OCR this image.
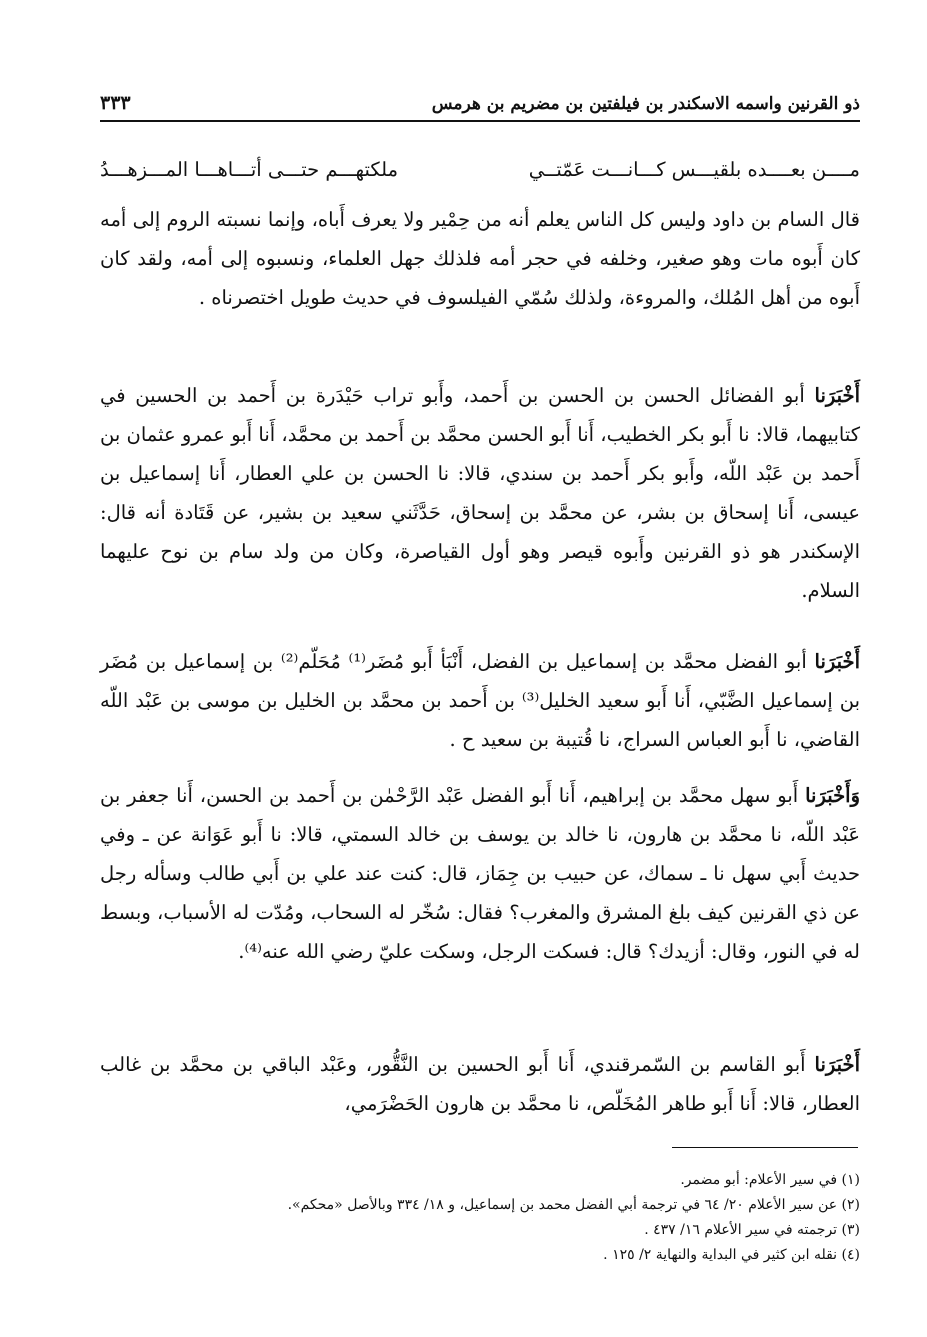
ذو القرنين واسمه الاسكندر بن فيلفتين بن مضريم بن هرمس
٣٣٣
مــــن بعــــده بلقيـــس كـــانـــت عَمّتــي
ملكتهـــم حتـــى أتـــاهـــا المـــزهـــدُ

قال السام بن داود وليس كل الناس يعلم أنه من حِمْير ولا يعرف أَباه، وإنما نسبته الروم إلى أمه كان أَبوه مات وهو صغير، وخلفه في حجر أمه فلذلك جهل العلماء، ونسبوه إلى أمه، ولقد كان أَبوه من أهل المُلك، والمروءة، ولذلك سُمّي الفيلسوف في حديث طويل اختصرناه .

أَخْبَرَنا أبو الفضائل الحسن بن الحسن بن أَحمد، وأَبو تراب حَيْدَرة بن أَحمد بن الحسين في كتابيهما، قالا: نا أَبو بكر الخطيب، أَنا أَبو الحسن محمَّد بن أَحمد بن محمَّد، أَنا أَبو عمرو عثمان بن أَحمد بن عَبْد اللّه، وأَبو بكر أَحمد بن سندي، قالا: نا الحسن بن علي العطار، أَنا إسماعيل بن عيسى، أَنا إسحاق بن بشر، عن محمَّد بن إسحاق، حَدَّثَني سعيد بن بشير، عن قَتَادة أنه قال: الإسكندر هو ذو القرنين وأَبوه قيصر وهو أول القياصرة، وكان من ولد سام بن نوح عليهما السلام.

أَخْبَرَنا أبو الفضل محمَّد بن إسماعيل بن الفضل، أَنْبَأ أَبو مُضَر⁽¹⁾ مُحَلّم⁽²⁾ بن إسماعيل بن مُضَر بن إسماعيل الضَّبّي، أَنا أَبو سعيد الخليل⁽³⁾ بن أَحمد بن محمَّد بن الخليل بن موسى بن عَبْد اللّه القاضي، نا أَبو العباس السراج، نا قُتيبة بن سعيد ح .

وَأَخْبَرَنا أَبو سهل محمَّد بن إبراهيم، أَنا أَبو الفضل عَبْد الرَّحْمٰن بن أَحمد بن الحسن، أَنا جعفر بن عَبْد اللّه، نا محمَّد بن هارون، نا خالد بن يوسف بن خالد السمتي، قالا: نا أَبو عَوَانة عن ـ وفي حديث أَبي سهل نا ـ سماك، عن حبيب بن جِمَاز، قال: كنت عند علي بن أَبي طالب وسأله رجل عن ذي القرنين كيف بلغ المشرق والمغرب؟ فقال: سُخّر له السحاب، ومُدّت له الأسباب، وبسط له في النور، وقال: أزيدك؟ قال: فسكت الرجل، وسكت عليّ رضي الله عنه⁽⁴⁾.

أَخْبَرَنا أَبو القاسم بن السّمرقندي، أَنا أَبو الحسين بن النَّقُّور، وعَبْد الباقي بن محمَّد بن غالب العطار، قالا: أَنا أَبو طاهر المُخَلّص، نا محمَّد بن هارون الحَضْرَمي،

(١) في سير الأعلام: أبو مضمر.
(٢) عن سير الأعلام ٢٠/ ٦٤ في ترجمة أبي الفضل محمد بن إسماعيل، و ١٨/ ٣٣٤ وبالأصل «محكم».
(٣) ترجمته في سير الأعلام ١٦/ ٤٣٧ .
(٤) نقله ابن كثير في البداية والنهاية ٢/ ١٢٥ .
